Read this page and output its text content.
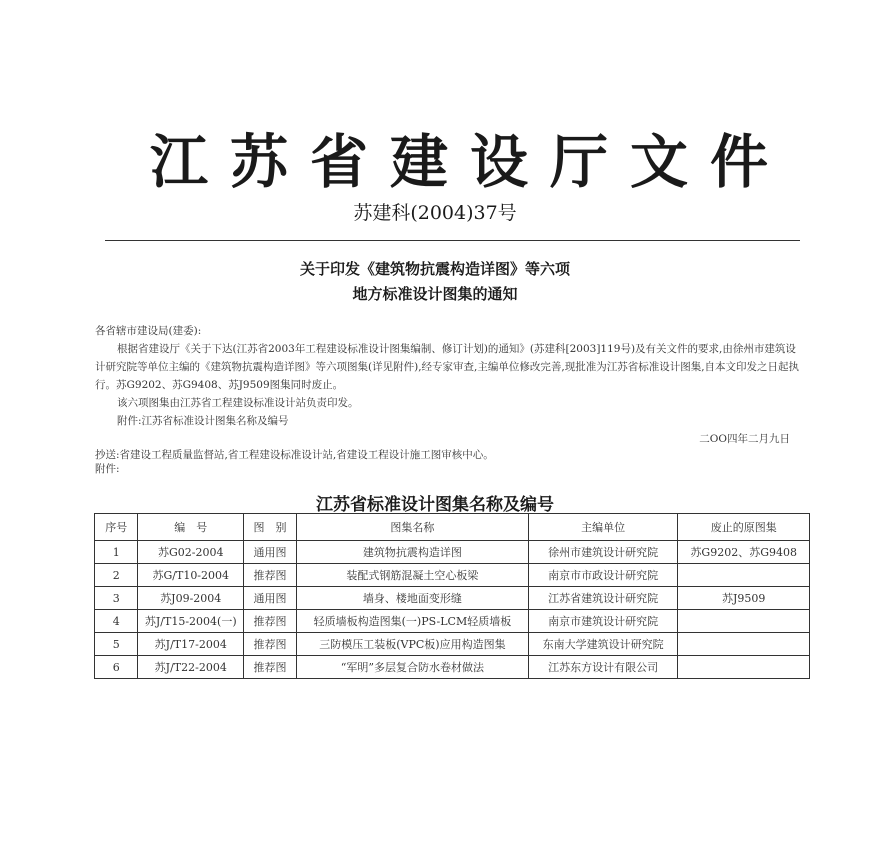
江苏省建设厅文件
苏建科(2004)37号
关于印发《建筑物抗震构造详图》等六项
地方标准设计图集的通知
各省辖市建设局(建委):
根据省建设厅《关于下达(江苏省2003年工程建设标准设计图集编制、修订计划)的通知》(苏建科[2003]119号)及有关文件的要求,由徐州市建筑设计研究院等单位主编的《建筑物抗震构造详图》等六项图集(详见附件),经专家审查,主编单位修改完善,现批准为江苏省标准设计图集,自本文印发之日起执行。苏G9202、苏G9408、苏J9509图集同时废止。
该六项图集由江苏省工程建设标准设计站负责印发。
附件:江苏省标准设计图集名称及编号
二OO四年二月九日
抄送:省建设工程质量监督站,省工程建设标准设计站,省建设工程设计施工图审核中心。
附件:
江苏省标准设计图集名称及编号
序号	编　号	图　别	图集名称	主编单位	废止的原图集
1	苏G02-2004	通用图	建筑物抗震构造详图	徐州市建筑设计研究院	苏G9202、苏G9408
2	苏G/T10-2004	推荐图	装配式钢筋混凝土空心板梁	南京市市政设计研究院	
3	苏J09-2004	通用图	墙身、楼地面变形缝	江苏省建筑设计研究院	苏J9509
4	苏J/T15-2004(一)	推荐图	轻质墙板构造图集(一)PS-LCM轻质墙板	南京市建筑设计研究院	
5	苏J/T17-2004	推荐图	三防模压工装板(VPC板)应用构造图集	东南大学建筑设计研究院	
6	苏J/T22-2004	推荐图	“军明”多层复合防水卷材做法	江苏东方设计有限公司	
